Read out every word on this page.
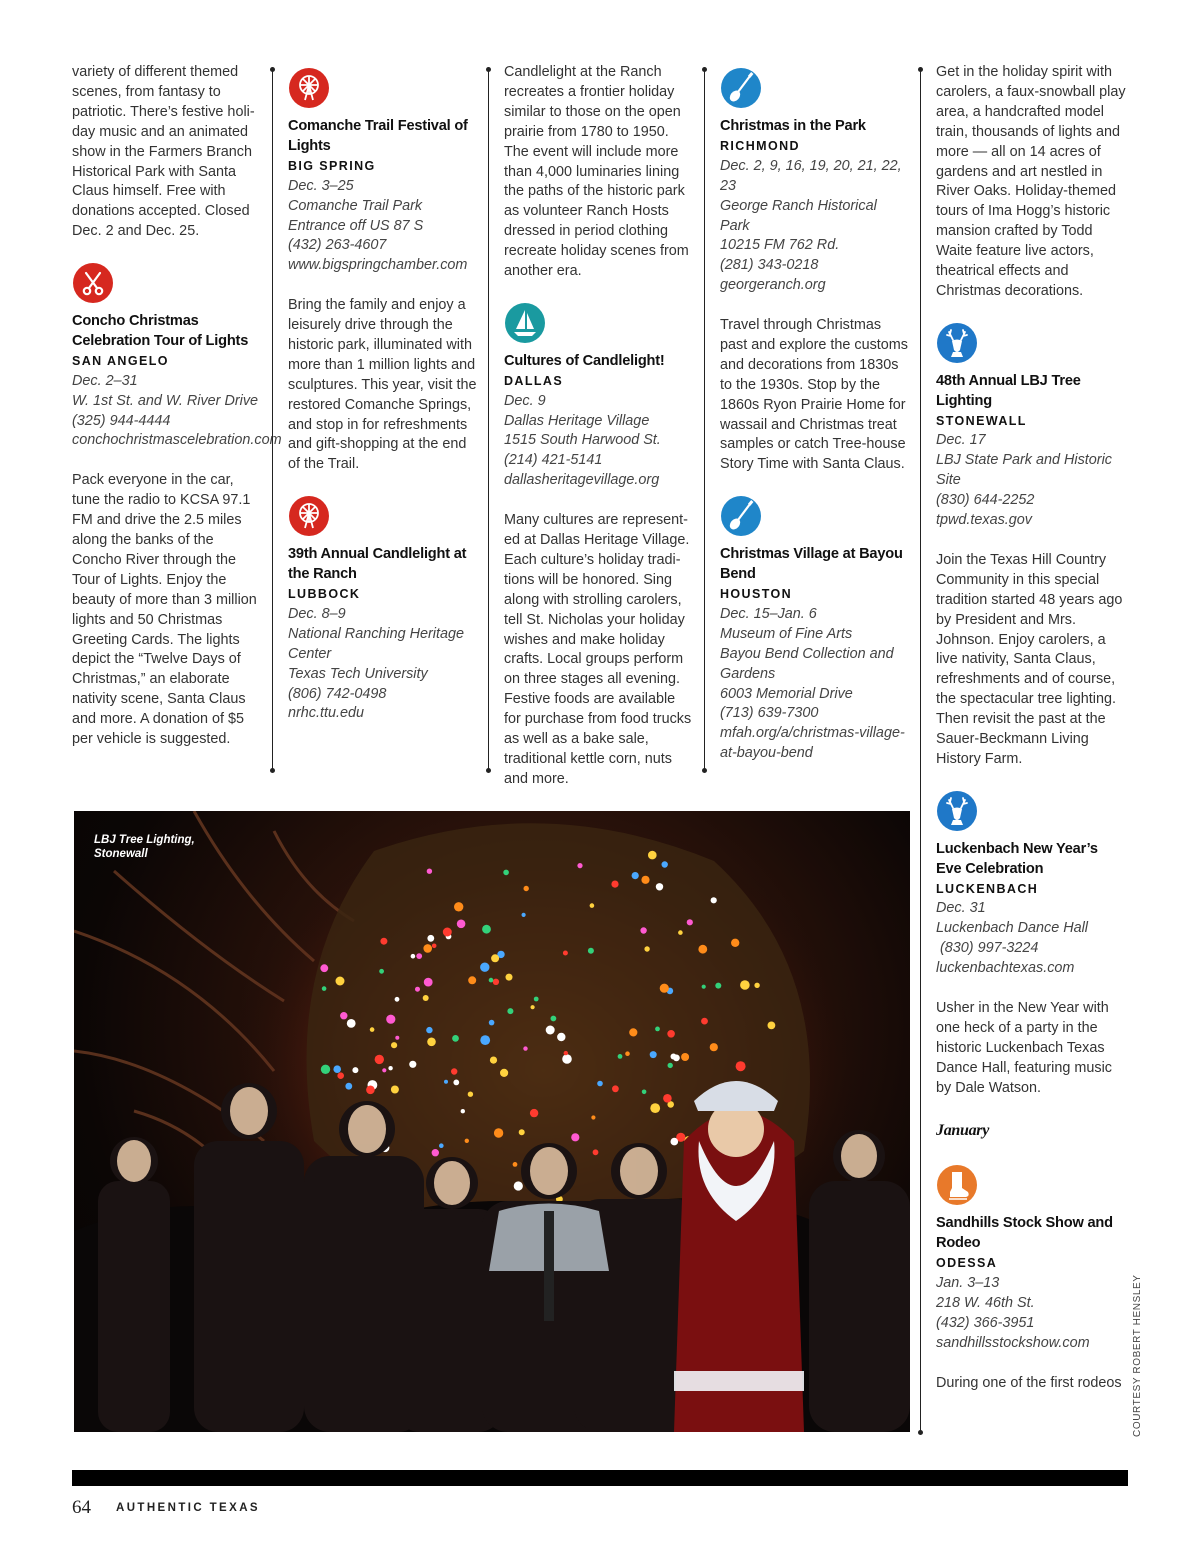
variety of different themed scenes, from fantasy to patriotic. There’s festive holiday music and an animated show in the Farmers Branch Historical Park with Santa Claus himself. Free with donations accepted. Closed Dec. 2 and Dec. 25.

Concho Christmas Celebration Tour of Lights
SAN ANGELO
Dec. 2–31
W. 1st St. and W. River Drive
(325) 944-4444
conchochristmascelebration.com

Pack everyone in the car, tune the radio to KCSA 97.1 FM and drive the 2.5 miles along the banks of the Concho River through the Tour of Lights. Enjoy the beauty of more than 3 million lights and 50 Christmas Greeting Cards. The lights depict the “Twelve Days of Christmas,” an elaborate nativity scene, Santa Claus and more. A donation of $5 per vehicle is suggested.

Comanche Trail Festival of Lights
BIG SPRING
Dec. 3–25
Comanche Trail Park
Entrance off US 87 S
(432) 263-4607
www.bigspringchamber.com

Bring the family and enjoy a leisurely drive through the historic park, illuminated with more than 1 million lights and sculptures. This year, visit the restored Comanche Springs, and stop in for refreshments and gift-shopping at the end of the Trail.

39th Annual Candlelight at the Ranch
LUBBOCK
Dec. 8–9
National Ranching Heritage Center
Texas Tech University
(806) 742-0498
nrhc.ttu.edu

Candlelight at the Ranch recreates a frontier holiday similar to those on the open prairie from 1780 to 1950. The event will include more than 4,000 luminaries lining the paths of the historic park as volunteer Ranch Hosts dressed in period clothing recreate holiday scenes from another era.

Cultures of Candlelight!
DALLAS
Dec. 9
Dallas Heritage Village
1515 South Harwood St.
(214) 421-5141
dallasheritagevillage.org

Many cultures are represented at Dallas Heritage Village. Each culture’s holiday traditions will be honored. Sing along with strolling carolers, tell St. Nicholas your holiday wishes and make holiday crafts. Local groups perform on three stages all evening. Festive foods are available for purchase from food trucks as well as a bake sale, traditional kettle corn, nuts and more.

Christmas in the Park
RICHMOND
Dec. 2, 9, 16, 19, 20, 21, 22, 23
George Ranch Historical Park
10215 FM 762 Rd.
(281) 343-0218
georgeranch.org

Travel through Christmas past and explore the customs and decorations from 1830s to the 1930s. Stop by the 1860s Ryon Prairie Home for wassail and Christmas treat samples or catch Tree-house Story Time with Santa Claus.

Christmas Village at Bayou Bend
HOUSTON
Dec. 15–Jan. 6
Museum of Fine Arts
Bayou Bend Collection and Gardens
6003 Memorial Drive
(713) 639-7300
mfah.org/a/christmas-village-at-bayou-bend

Get in the holiday spirit with carolers, a faux-snowball play area, a handcrafted model train, thousands of lights and more — all on 14 acres of gardens and art nestled in River Oaks. Holiday-themed tours of Ima Hogg’s historic mansion crafted by Todd Waite feature live actors, theatrical effects and Christmas decorations.

48th Annual LBJ Tree Lighting
STONEWALL
Dec. 17
LBJ State Park and Historic Site
(830) 644-2252
tpwd.texas.gov

Join the Texas Hill Country Community in this special tradition started 48 years ago by President and Mrs. Johnson. Enjoy carolers, a live nativity, Santa Claus, refreshments and of course, the spectacular tree lighting. Then revisit the past at the Sauer-Beckmann Living History Farm.

Luckenbach New Year’s Eve Celebration
LUCKENBACH
Dec. 31
Luckenbach Dance Hall
(830) 997-3224
luckenbachtexas.com

Usher in the New Year with one heck of a party in the historic Luckenbach Texas Dance Hall, featuring music by Dale Watson.

January
Sandhills Stock Show and Rodeo
ODESSA
Jan. 3–13
218 W. 46th St.
(432) 366-3951
sandhillsstockshow.com

During one of the first rodeos

LBJ Tree Lighting,
Stonewall
COURTESY ROBERT HENSLEY
64 AUTHENTIC TEXAS
